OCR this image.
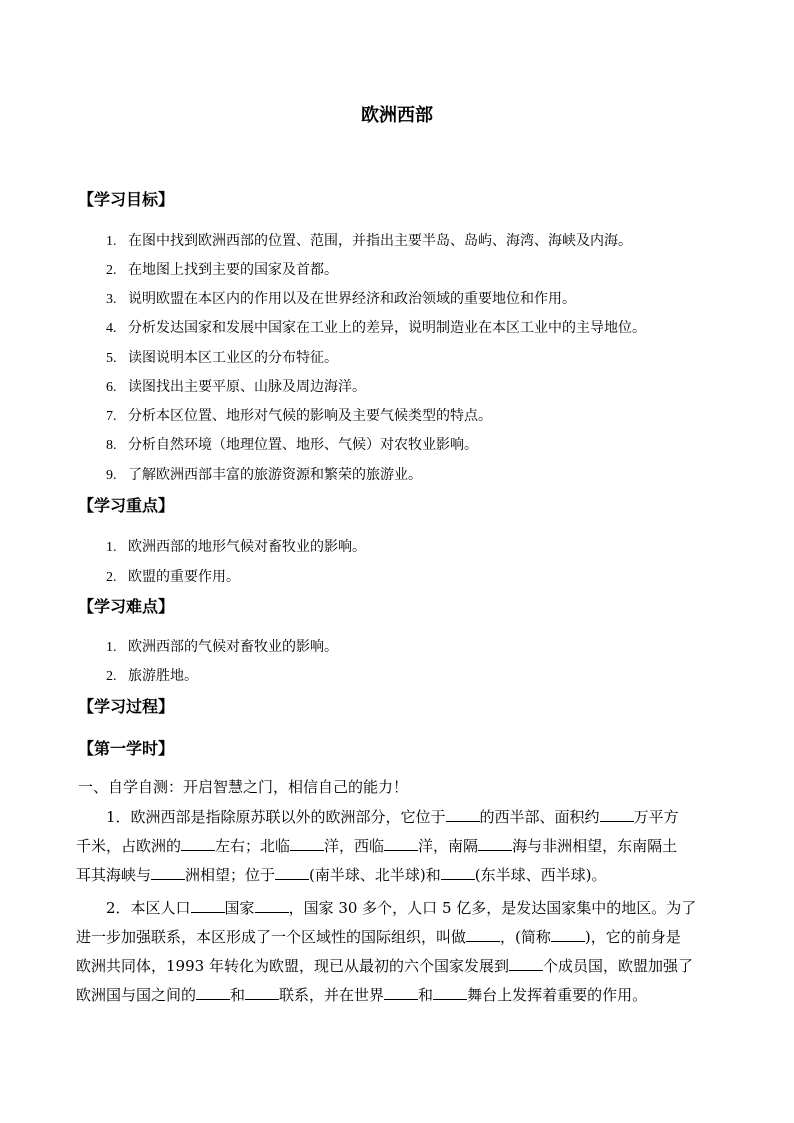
欧洲西部
【学习目标】
1. 在图中找到欧洲西部的位置、范围，并指出主要半岛、岛屿、海湾、海峡及内海。
2. 在地图上找到主要的国家及首都。
3. 说明欧盟在本区内的作用以及在世界经济和政治领域的重要地位和作用。
4. 分析发达国家和发展中国家在工业上的差异，说明制造业在本区工业中的主导地位。
5. 读图说明本区工业区的分布特征。
6. 读图找出主要平原、山脉及周边海洋。
7. 分析本区位置、地形对气候的影响及主要气候类型的特点。
8. 分析自然环境（地理位置、地形、气候）对农牧业影响。
9. 了解欧洲西部丰富的旅游资源和繁荣的旅游业。
【学习重点】
1. 欧洲西部的地形气候对畜牧业的影响。
2. 欧盟的重要作用。
【学习难点】
1. 欧洲西部的气候对畜牧业的影响。
2. 旅游胜地。
【学习过程】
【第一学时】
一、自学自测：开启智慧之门，相信自己的能力！
1．欧洲西部是指除原苏联以外的欧洲部分，它位于 的西半部、面积约 万平方
千米，占欧洲的 左右；北临 洋，西临 洋，南隔 海与非洲相望，东南隔土
耳其海峡与 洲相望；位于 (南半球、北半球)和 (东半球、西半球)。
2．本区人口 国家 ，国家 30 多个，人口 5 亿多，是发达国家集中的地区。为了
进一步加强联系，本区形成了一个区域性的国际组织，叫做 ，(简称 )，它的前身是
欧洲共同体，1993 年转化为欧盟，现已从最初的六个国家发展到 个成员国，欧盟加强了
欧洲国与国之间的 和 联系，并在世界 和 舞台上发挥着重要的作用。
